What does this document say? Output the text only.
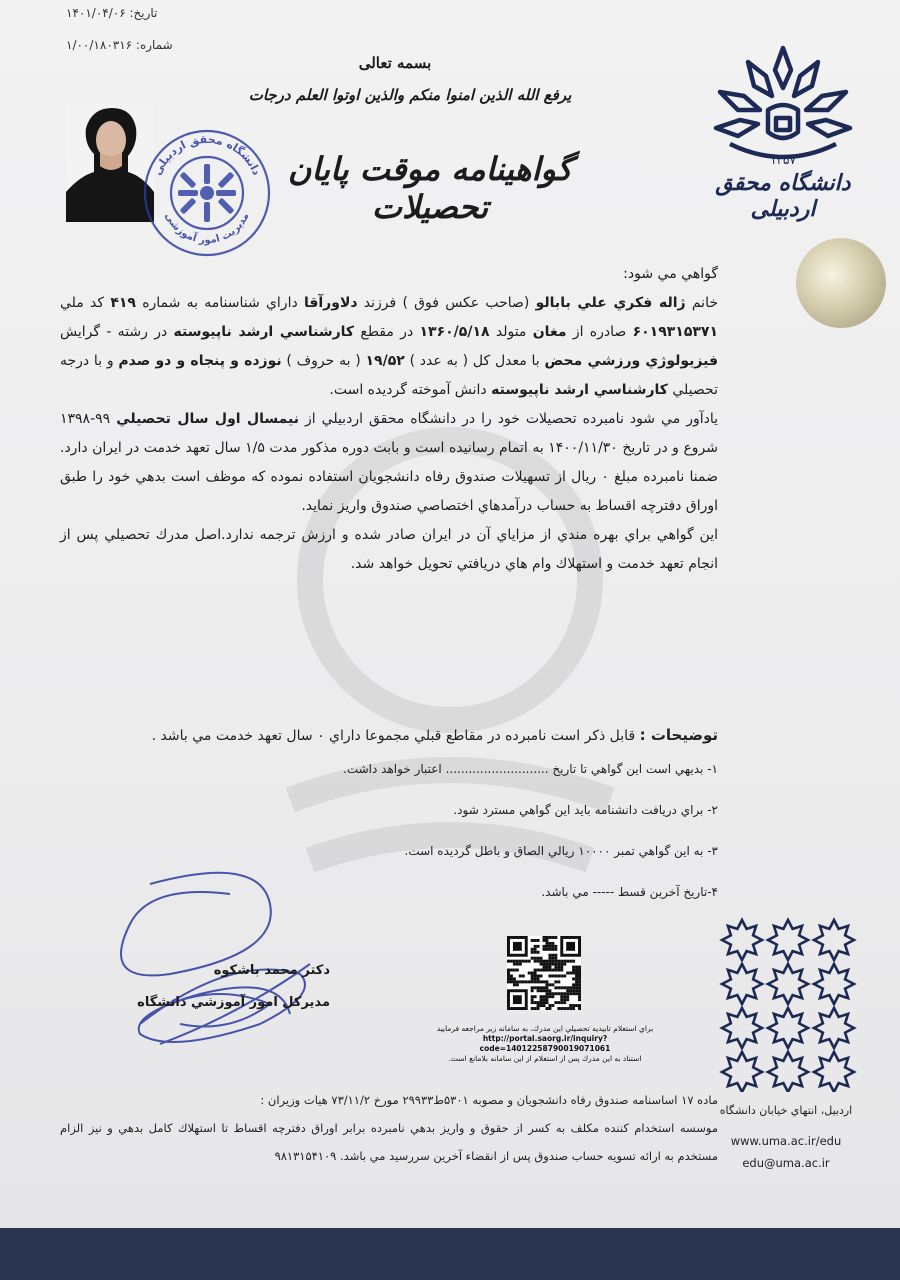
تاريخ: ۱۴۰۱/۰۴/۰۶
شماره: ۱/۰۰/۱۸۰۳۱۶
بسمه تعالی
يرفع الله الذين امنوا منكم والذين اوتوا العلم درجات
گواهینامه موقت پایان تحصیلات
دانشگاه محقق اردبیلی
مدیریت امور آموزشی
۱۳۵۷
دانشگاه محقق اردبیلی

گواهي مي شود:

خانم ژاله فکري علي بابالو (صاحب عكس فوق ) فرزند دلاورآقا داراي شناسنامه به شماره ۴۱۹ کد ملي ۶۰۱۹۳۱۵۳۷۱ صادره از مغان متولد ۱۳۶۰/۵/۱۸ در مقطع کارشناسي ارشد ناپيوسته در رشته - گرايش فيزيولوژي ورزشي محض با معدل كل ( به عدد ) ۱۹/۵۲ ( به حروف ) نوزده و پنجاه و دو صدم و با درجه تحصيلي کارشناسي ارشد ناپيوسته دانش آموخته گرديده است.

يادآور مي شود نامبرده تحصيلات خود را در دانشگاه محقق اردبیلي از نيمسال اول سال تحصيلي ۹۹-۱۳۹۸ شروع و در تاريخ ۱۴۰۰/۱۱/۳۰ به اتمام رسانيده است و بابت دوره مذكور مدت ۱/۵ سال تعهد خدمت در ايران دارد. ضمنا نامبرده مبلغ ۰ ريال از تسهيلات صندوق رفاه دانشجويان استفاده نموده كه موظف است بدهي خود را طبق اوراق دفترچه اقساط به حساب درآمدهاي اختصاصي صندوق واريز نمايد.

اين گواهي براي بهره مندي از مزاياي آن در ايران صادر شده و ارزش ترجمه ندارد.اصل مدرك تحصيلي پس از انجام تعهد خدمت و استهلاك وام هاي دريافتي تحويل خواهد شد.

توضيحات : قابل ذكر است نامبرده در مقاطع قبلي مجموعا داراي ۰ سال تعهد خدمت مي باشد .
۱- بديهي است اين گواهي تا تاريخ ........................... اعتبار خواهد داشت.
۲- براي دريافت دانشنامه بايد اين گواهي مسترد شود.
۳- به اين گواهي تمبر ۱۰۰۰۰ ريالي الصاق و باطل گرديده است.
۴-تاريخ آخرين قسط ----- مي باشد.
دکتر محمد باشکوه
مديركل امور آموزشي دانشگاه
براي استعلام تاييديه تحصيلي اين مدرك، به سامانه زير مراجعه فرماييد
http://portal.saorg.ir/inquiry?code=14012258790019071061
استناد به اين مدرك پس از استعلام از اين سامانه بلامانع است.
اردبيل، انتهاي خيابان دانشگاه
www.uma.ac.ir/edu
edu@uma.ac.ir

ماده ۱۷ اساسنامه صندوق رفاه دانشجويان و مصوبه ۵۳۰۱ط۲۹۹۳۳ مورخ ۷۳/۱۱/۲ هيات وزيران :

موسسه استخدام كننده مكلف به كسر از حقوق و واريز بدهي نامبرده برابر اوراق دفترچه اقساط تا استهلاك كامل بدهي و نيز الزام مستخدم به ارائه تسويه حساب صندوق پس از انقضاء آخرين سررسيد مي باشد. ۹۸۱۳۱۵۴۱۰۹
